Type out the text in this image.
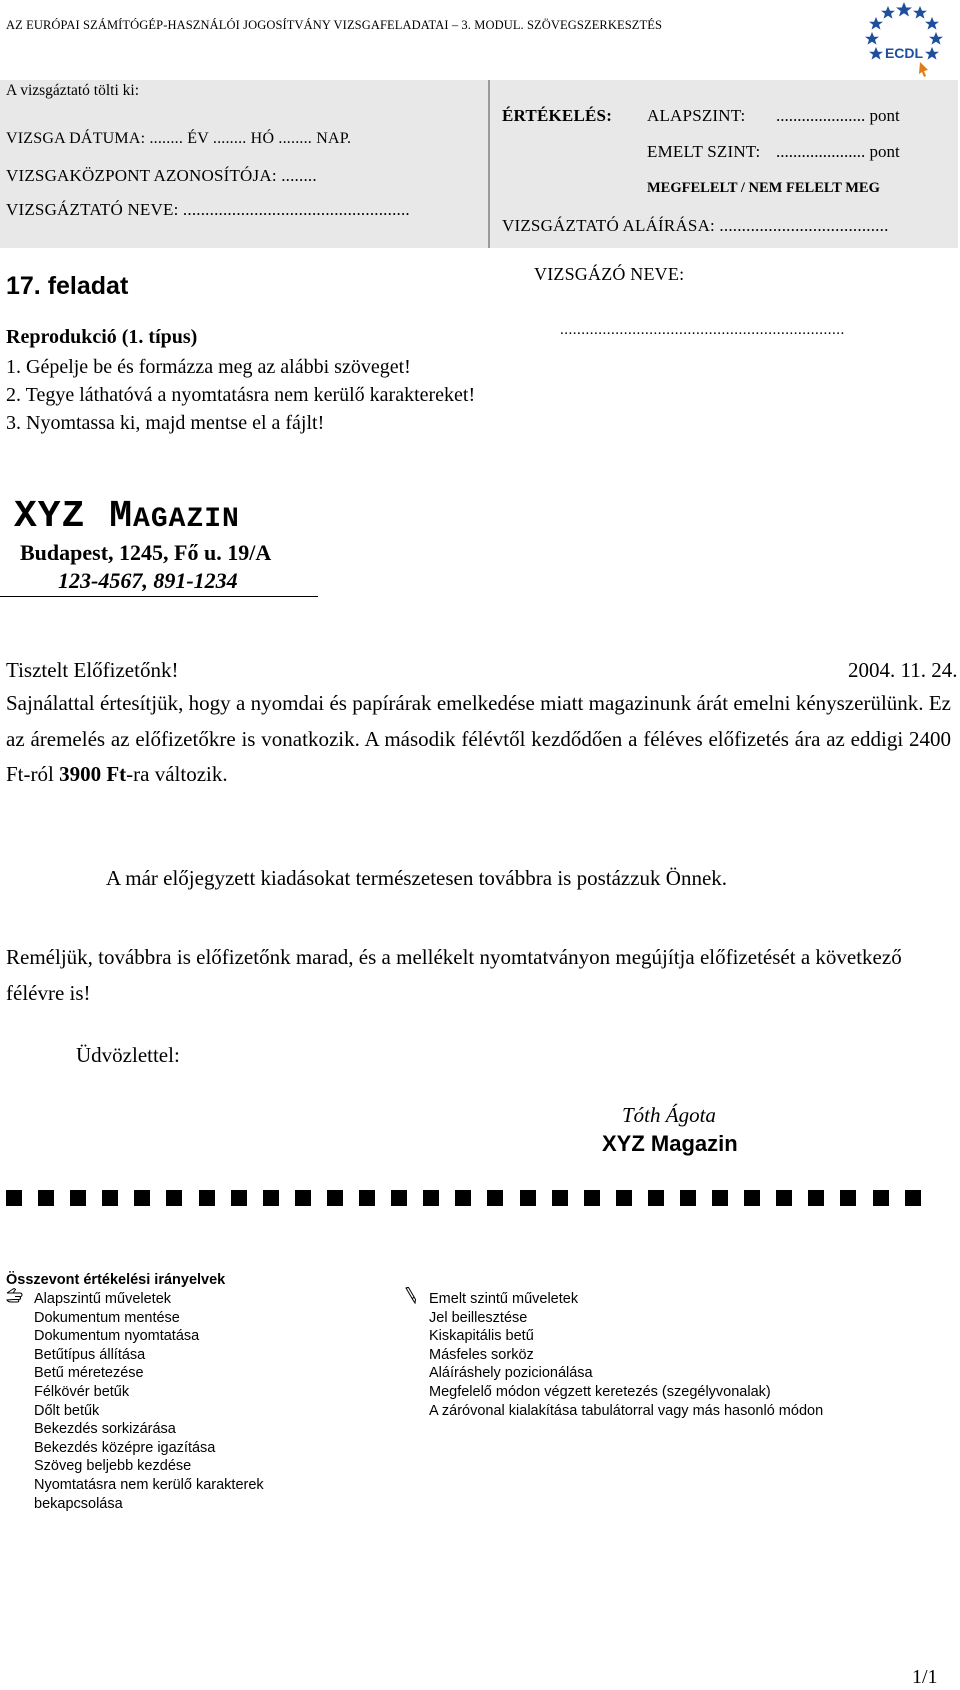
AZ EURÓPAI SZÁMÍTÓGÉP-HASZNÁLÓI JOGOSÍTVÁNY VIZSGAFELADATAI – 3. MODUL. SZÖVEGSZERKESZTÉS
ECDL
A vizsgáztató tölti ki:
VIZSGA DÁTUMA: ........ ÉV ........ HÓ ........ NAP.
VIZSGAKÖZPONT AZONOSÍTÓJA: ........
VIZSGÁZTATÓ NEVE: ...................................................
ÉRTÉKELÉS: ALAPSZINT: ..................... pont
EMELT SZINT: ..................... pont
MEGFELELT / NEM FELELT MEG
VIZSGÁZTATÓ ALÁÍRÁSA: ......................................
17. feladat	VIZSGÁZÓ NEVE:
...................................................................
Reprodukció (1. típus)
1. Gépelje be és formázza meg az alábbi szöveget!
2. Tegye láthatóvá a nyomtatásra nem kerülő karaktereket!
3. Nyomtassa ki, majd mentse el a fájlt!
XYZ MAGAZIN
Budapest, 1245, Fő u. 19/A
123-4567, 891-1234
Tisztelt Előfizetőnk!	2004. 11. 24.
Sajnálattal értesítjük, hogy a nyomdai és papírárak emelkedése miatt magazinunk árát emelni kényszerülünk. Ez az áremelés az előfizetőkre is vonatkozik. A második félévtől kezdődően a féléves előfizetés ára az eddigi 2400 Ft-ról 3900 Ft-ra változik.
A már előjegyzett kiadásokat természetesen továbbra is postázzuk Önnek.
Reméljük, továbbra is előfizetőnk marad, és a mellékelt nyomtatványon megújítja előfizetését a következő félévre is!
Üdvözlettel:
Tóth Ágota
XYZ Magazin
Összevont értékelési irányelvek
Alapszintű műveletek
Dokumentum mentése
Dokumentum nyomtatása
Betűtípus állítása
Betű méretezése
Félkövér betűk
Dőlt betűk
Bekezdés sorkizárása
Bekezdés középre igazítása
Szöveg beljebb kezdése
Nyomtatásra nem kerülő karakterek
bekapcsolása
Emelt szintű műveletek
Jel beillesztése
Kiskapitális betű
Másfeles sorköz
Aláíráshely pozicionálása
Megfelelő módon végzett keretezés (szegélyvonalak)
A záróvonal kialakítása tabulátorral vagy más hasonló módon
1/1
